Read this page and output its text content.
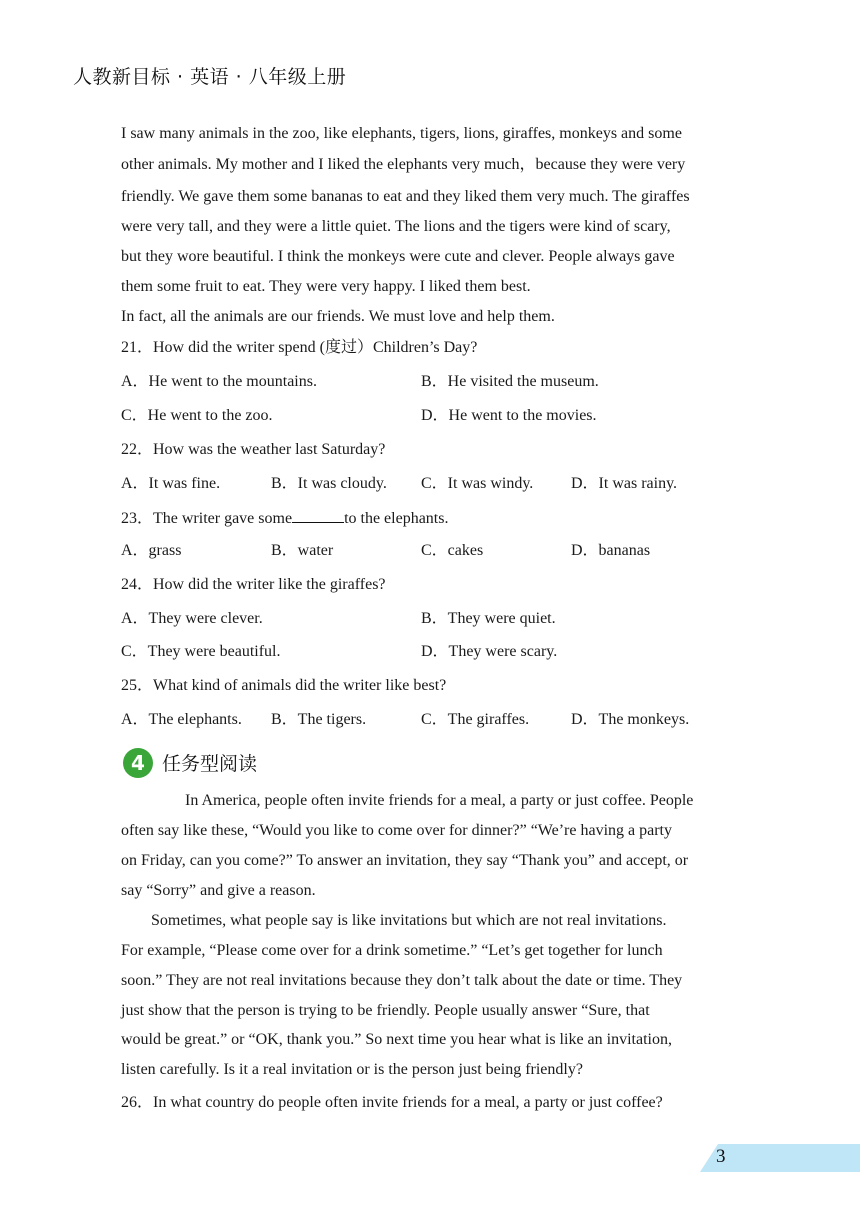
人教新目标 · 英语 · 八年级上册
I saw many animals in the zoo, like elephants, tigers, lions, giraffes, monkeys and some
other animals. My mother and I liked the elephants very much，because they were very
friendly. We gave them some bananas to eat and they liked them very much. The giraffes
were very tall, and they were a little quiet. The lions and the tigers were kind of scary,
but they wore beautiful. I think the monkeys were cute and clever. People always gave
them some fruit to eat. They were very happy. I liked them best.
In fact, all the animals are our friends. We must love and help them.
21．How did the writer spend (度过）Children’s Day?
A．He went to the mountains.	B．He visited the museum.
C．He went to the zoo.	D．He went to the movies.
22．How was the weather last Saturday?
A．It was fine.	B．It was cloudy. C．It was windy. D．It was rainy.
23．The writer gave some	to the elephants.
A．grass	B．water	C．cakes	D．bananas
24．How did the writer like the giraffes?
A．They were clever.	B．They were quiet.
C．They were beautiful.	D．They were scary.
25．What kind of animals did the writer like best?
A．The elephants. B．The tigers.	C．The giraffes.	D．The monkeys.
4 任务型阅读
In America, people often invite friends for a meal, a party or just coffee. People
often say like these, “Would you like to come over for dinner?” “We’re having a party
on Friday, can you come?” To answer an invitation, they say “Thank you” and accept, or
say “Sorry” and give a reason.
Sometimes, what people say is like invitations but which are not real invitations.
For example, “Please come over for a drink sometime.” “Let’s get together for lunch
soon.” They are not real invitations because they don’t talk about the date or time. They
just show that the person is trying to be friendly. People usually answer “Sure, that
would be great.” or “OK, thank you.” So next time you hear what is like an invitation,
listen carefully. Is it a real invitation or is the person just being friendly?
26．In what country do people often invite friends for a meal, a party or just coffee?
3
